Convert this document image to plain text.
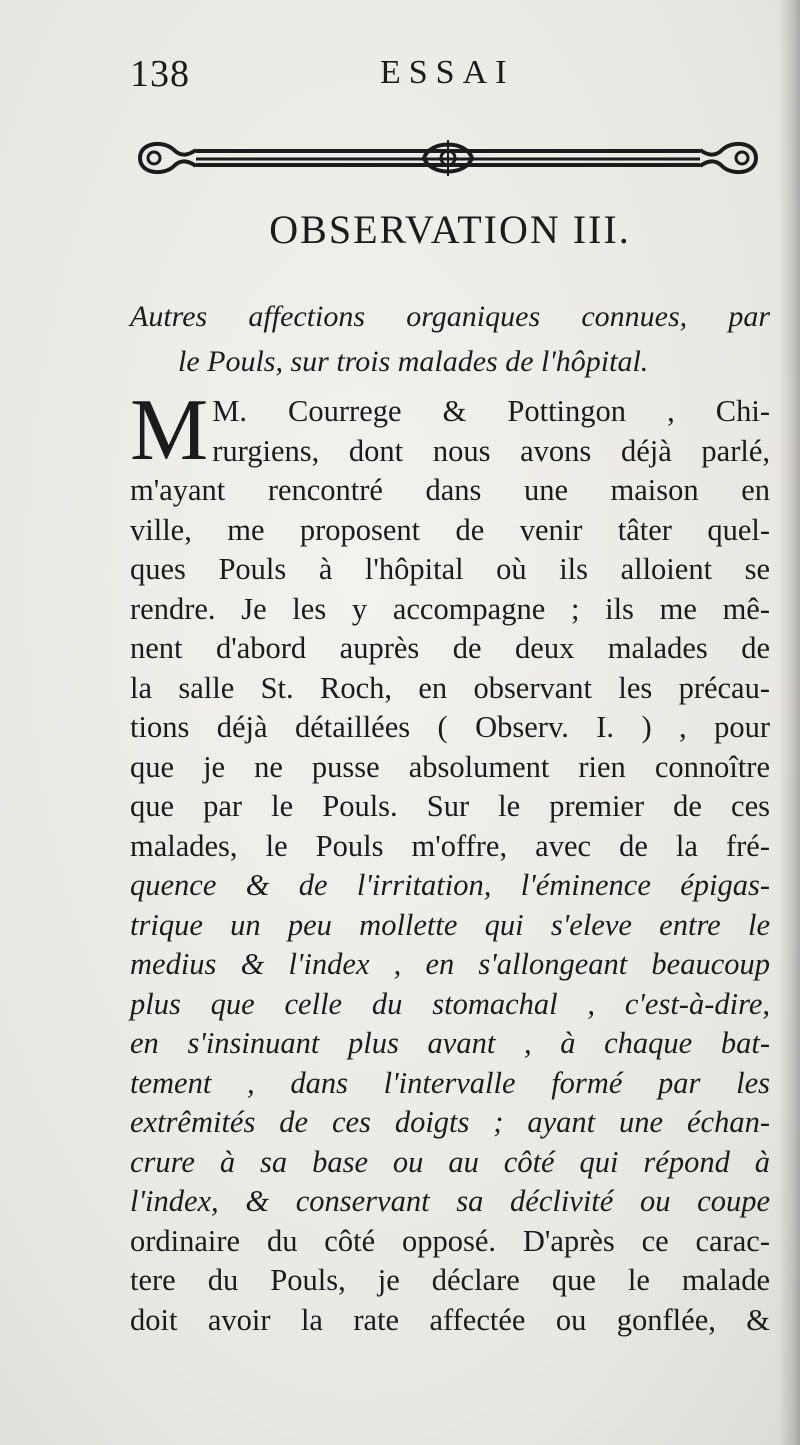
138	ESSAI
OBSERVATION III.
Autres affections organiques connues, par
le Pouls, sur trois malades de l'hôpital.
M M. Courrege & Pottingon , Chi-
rurgiens, dont nous avons déjà parlé,
m'ayant rencontré dans une maison en
ville, me proposent de venir tâter quel-
ques Pouls à l'hôpital où ils alloient se
rendre. Je les y accompagne ; ils me mê-
nent d'abord auprès de deux malades de
la salle St. Roch, en observant les précau-
tions déjà détaillées ( Observ. I. ) , pour
que je ne pusse absolument rien connoître
que par le Pouls. Sur le premier de ces
malades, le Pouls m'offre, avec de la fré-
quence & de l'irritation, l'éminence épigas-
trique un peu mollette qui s'eleve entre le
medius & l'index , en s'allongeant beaucoup
plus que celle du stomachal , c'est-à-dire,
en s'insinuant plus avant , à chaque bat-
tement , dans l'intervalle formé par les
extrêmités de ces doigts ; ayant une échan-
crure à sa base ou au côté qui répond à
l'index, & conservant sa déclivité ou coupe
ordinaire du côté opposé. D'après ce carac-
tere du Pouls, je déclare que le malade
doit avoir la rate affectée ou gonflée, &
